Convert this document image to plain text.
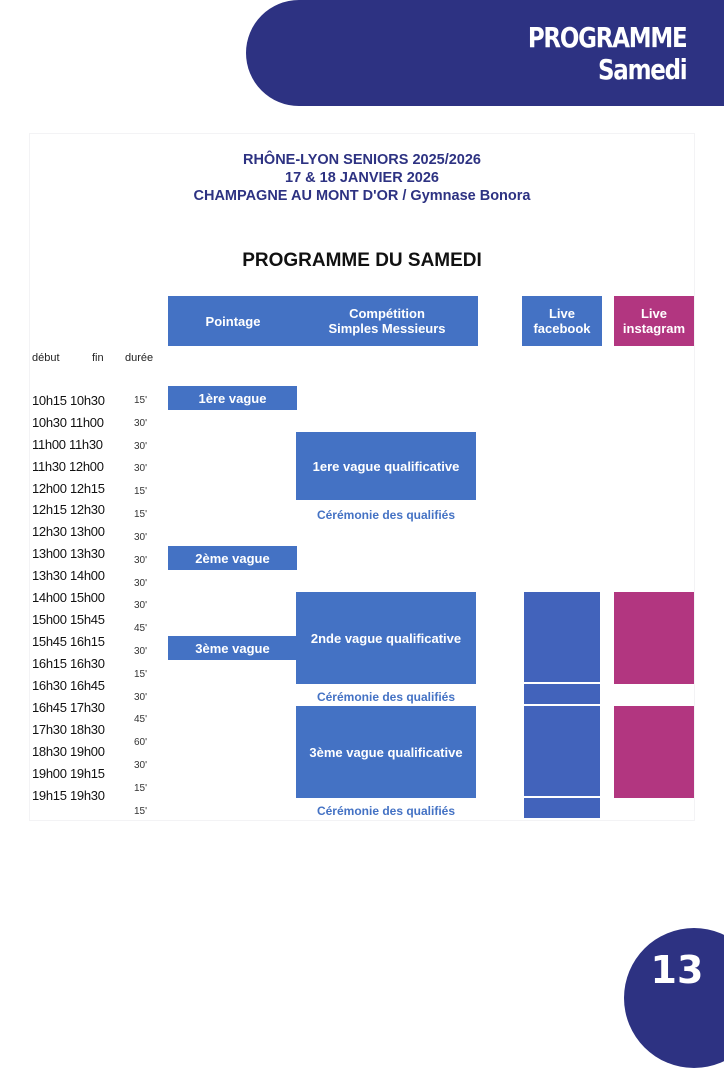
PROGRAMME
Samedi
RHÔNE-LYON SENIORS 2025/2026
17 & 18 JANVIER 2026
CHAMPAGNE AU MONT D'OR / Gymnase Bonora
PROGRAMME DU SAMEDI
Pointage	Compétition
Simples Messieurs
Live
facebook
Live
instagram
début	fin durée
10h15 10h30
10h30 11h00
11h00 11h30
11h30 12h00
12h00 12h15
12h15 12h30
12h30 13h00
13h00 13h30
13h30 14h00
14h00 15h00
15h00 15h45
15h45 16h15
16h15 16h30
16h30 16h45
16h45 17h30
17h30 18h30
18h30 19h00
19h00 19h15
19h15 19h30
15'
30'
30'
30'
15'
15'
30'
30'
30'
30'
45'
30'
15'
30'
45'
60'
30'
15'
15'
1ère vague
2ème vague
3ème vague
1ere vague qualificative
2nde vague qualificative
3ème vague qualificative
Cérémonie des qualifiés
Cérémonie des qualifiés
Cérémonie des qualifiés
13
